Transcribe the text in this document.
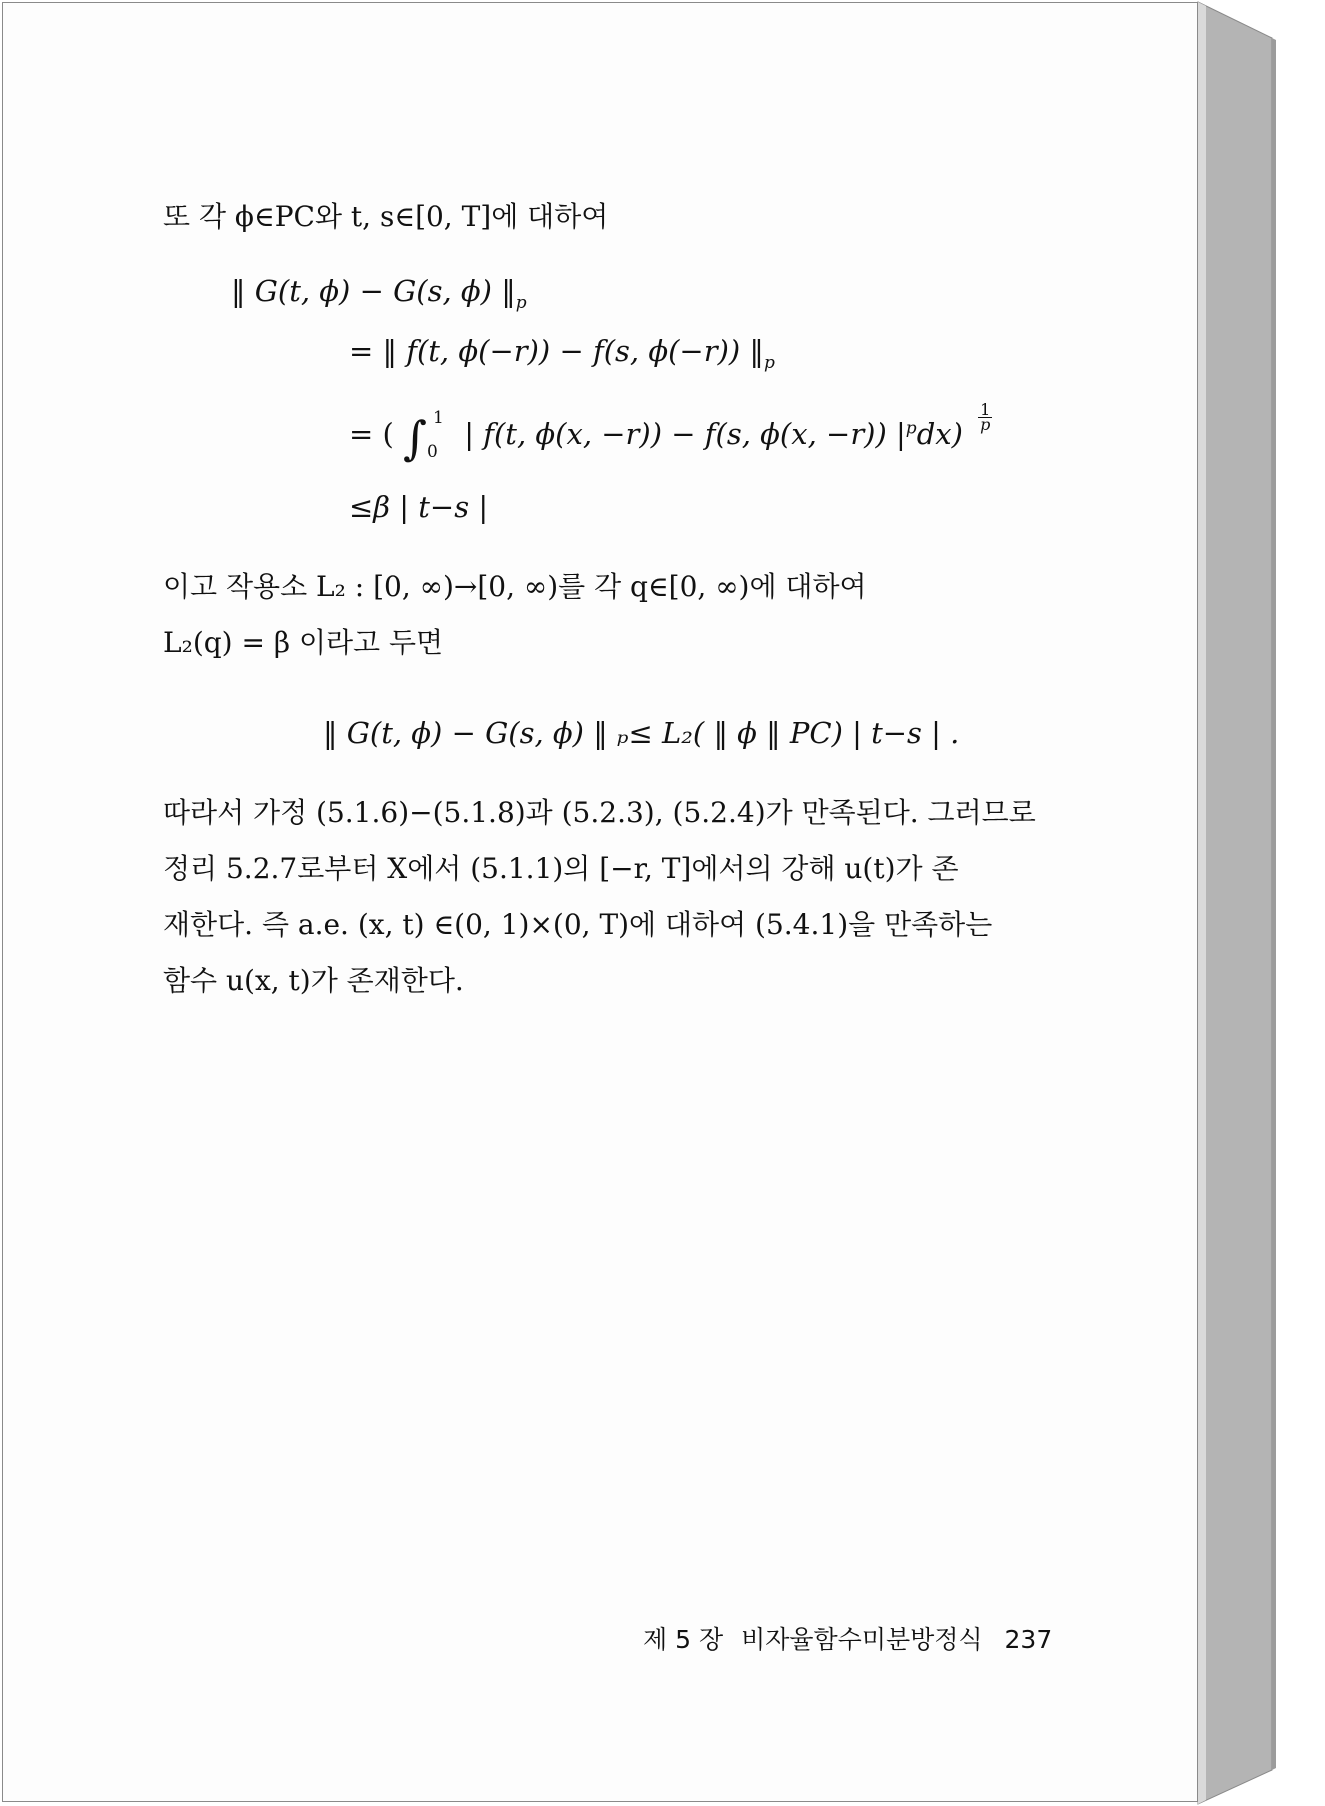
또 각 ϕ∈PC와 t, s∈[0, T]에 대하여
‖ G(t, ϕ) − G(s, ϕ) $‖_p$
= ‖ f(t, ϕ(−r)) − f(s, ϕ(−r)) $‖_p$
= ( ∫ 1
0
| f(t, ϕ(x, −r)) − f(s, ϕ(x, −r)) $|^pdx) \frac{1}{p}$
≤β | t−s |
이고 작용소 L₂ : [0, ∞)→[0, ∞)를 각 q∈[0, ∞)에 대하여
L₂(q) = β 이라고 두면
‖ G(t, ϕ) − G(s, ϕ) ‖ ₚ≤ L₂( ‖ ϕ ‖ PC) | t−s | .
따라서 가정 (5.1.6)−(5.1.8)과 (5.2.3), (5.2.4)가 만족된다. 그러므로
정리 5.2.7로부터 X에서 (5.1.1)의 [−r, T]에서의 강해 u(t)가 존
재한다. 즉 a.e. (x, t) ∈(0, 1)×(0, T)에 대하여 (5.4.1)을 만족하는
함수 u(x, t)가 존재한다.
제 5 장 비자율함수미분방정식 237
